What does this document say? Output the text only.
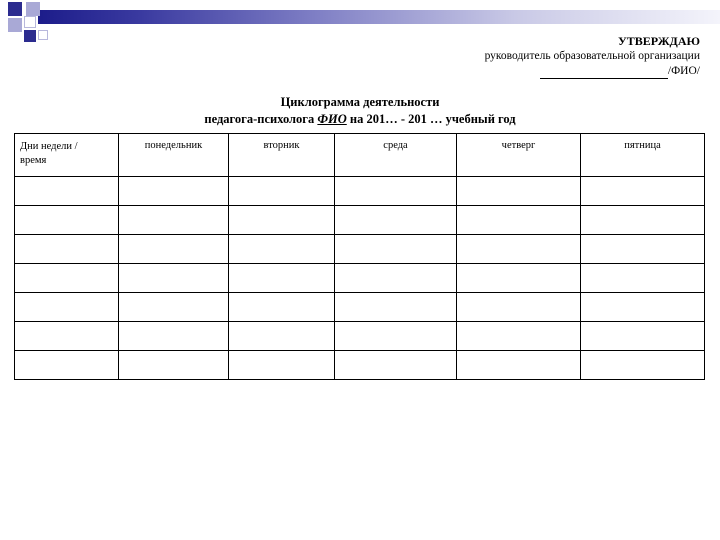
УТВЕРЖДАЮ
руководитель образовательной организации
/ФИО/
Циклограмма деятельности
педагога-психолога ФИО на 201… - 201 … учебный год
Дни недели /
время	понедельник	вторник	среда	четверг	пятница
